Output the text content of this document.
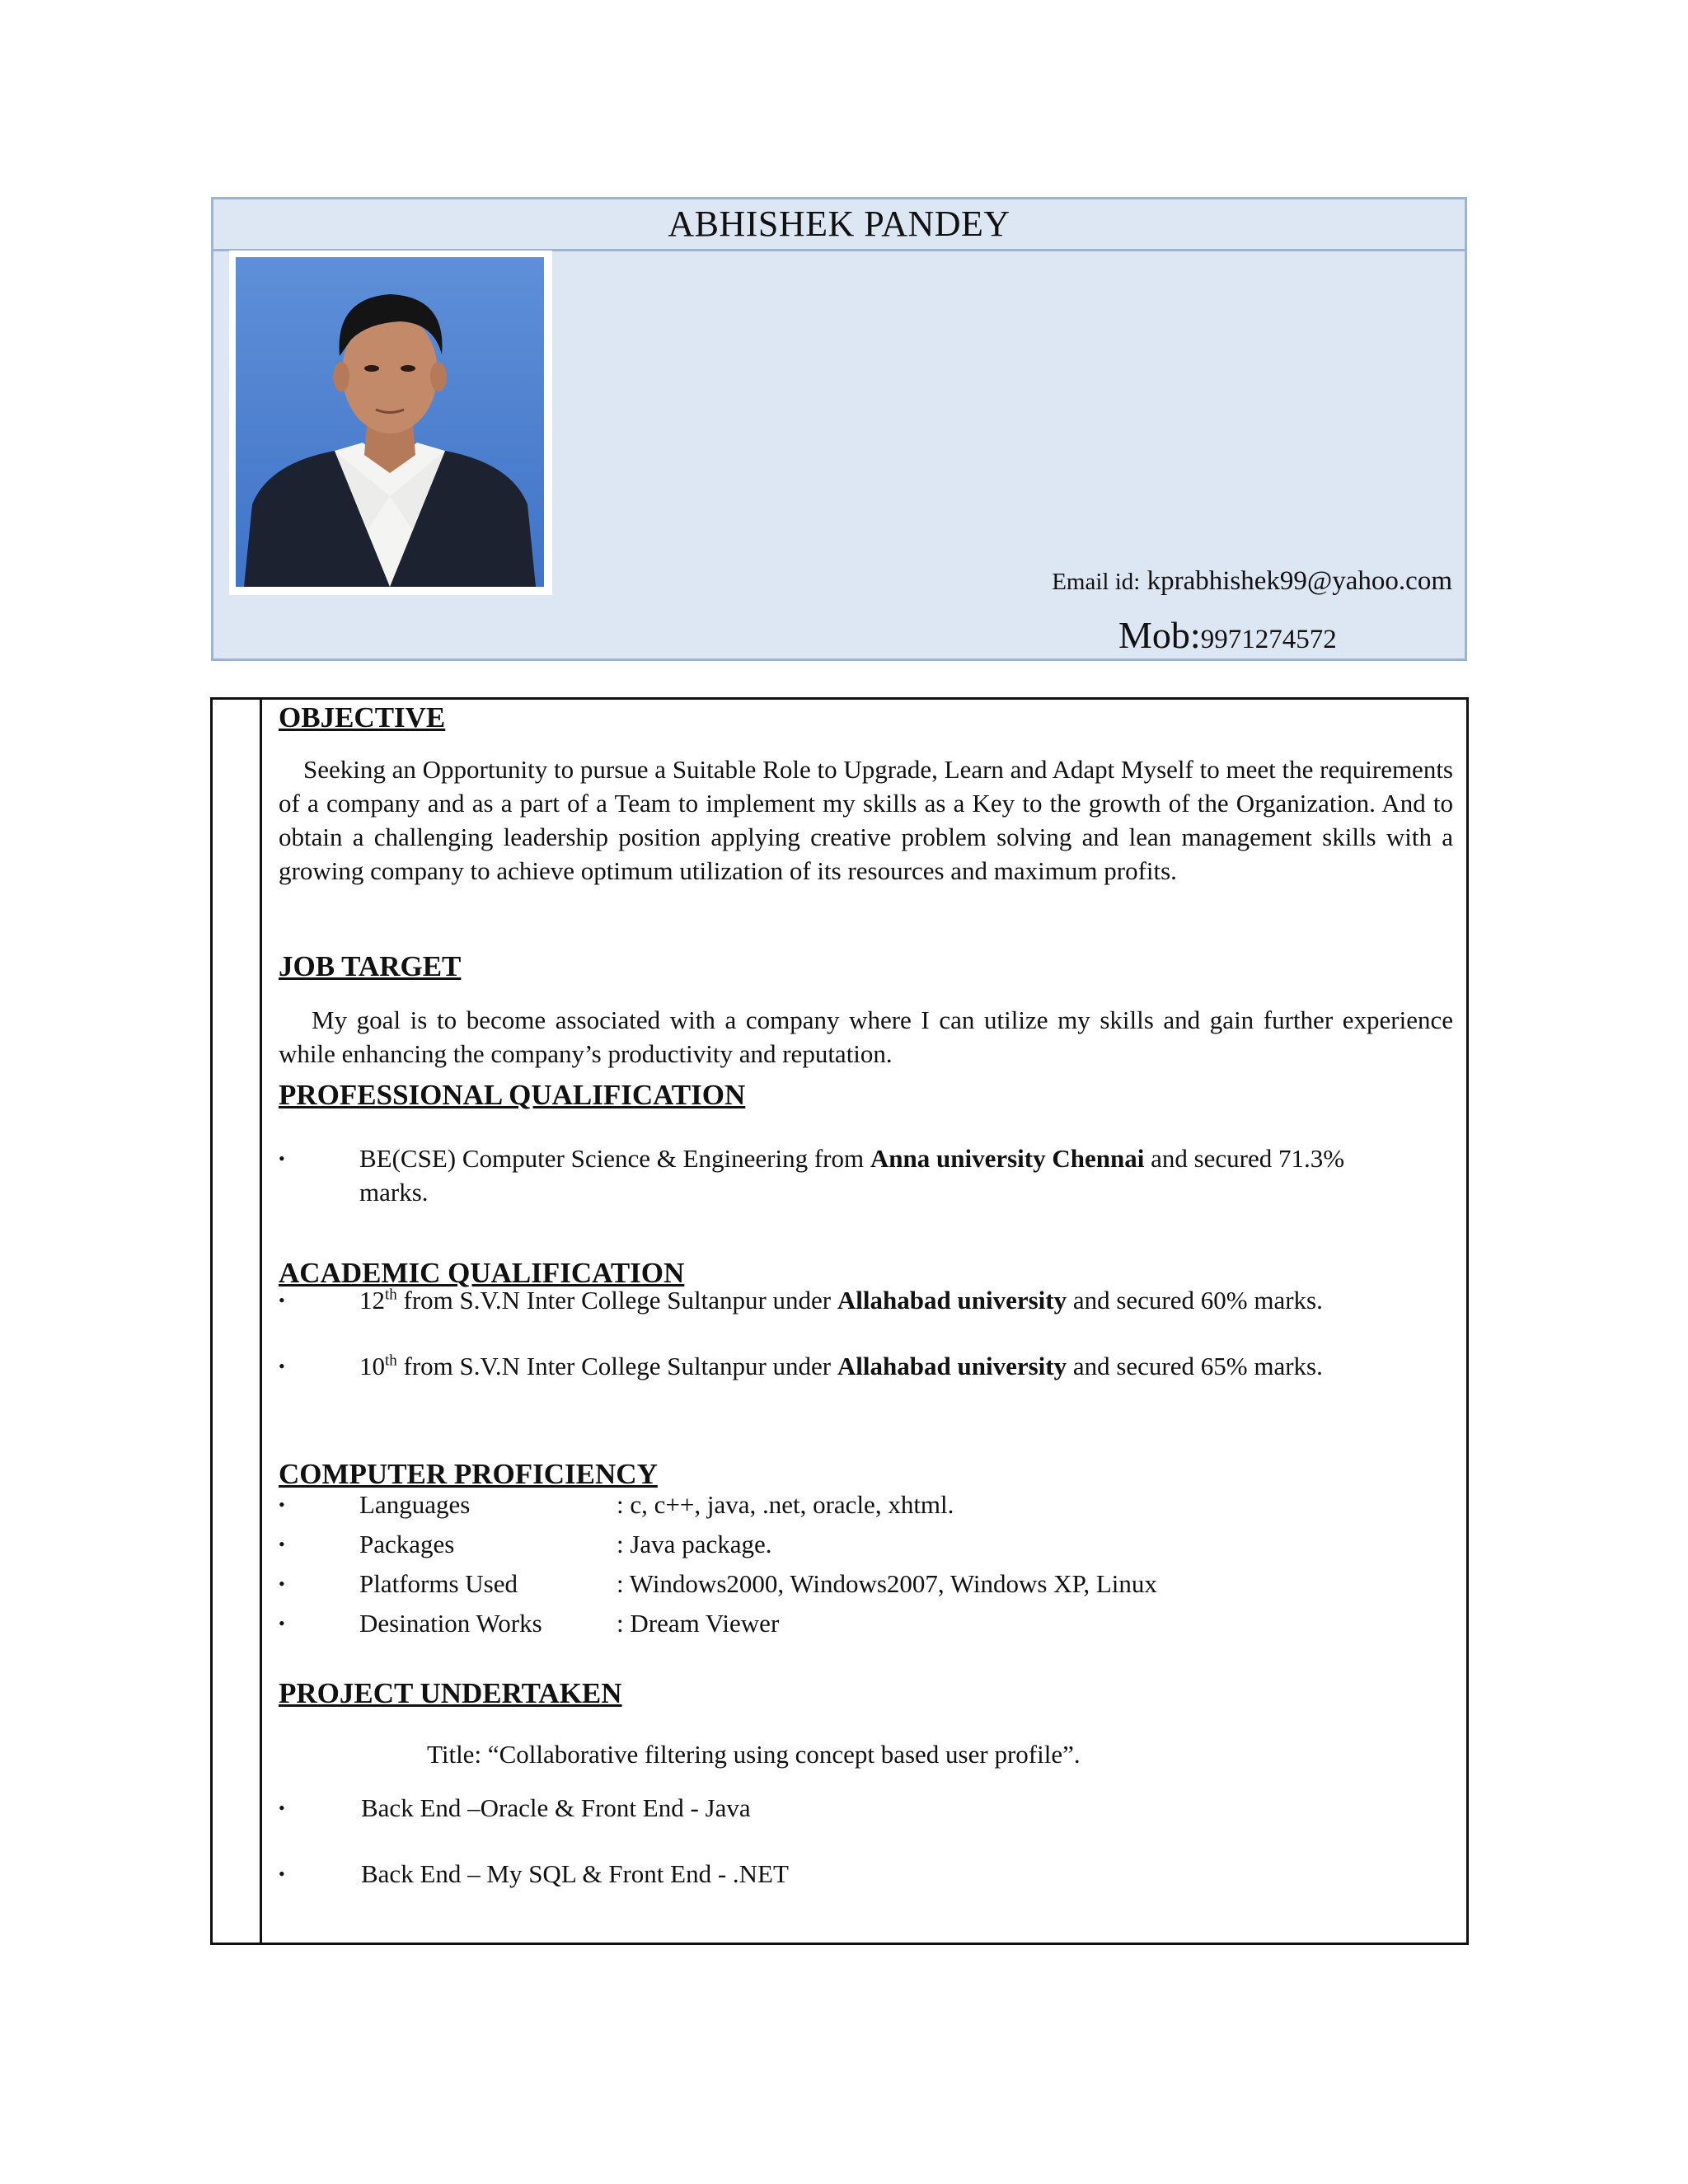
ABHISHEK PANDEY
Email id: kprabhishek99@yahoo.com
Mob:9971274572
OBJECTIVE
Seeking an Opportunity to pursue a Suitable Role to Upgrade, Learn and Adapt Myself to meet the requirements of a company and as a part of a Team to implement my skills as a Key to the growth of the Organization. And to obtain a challenging leadership position applying creative problem solving and lean management skills with a growing company to achieve optimum utilization of its resources and maximum profits.
JOB TARGET
My goal is to become associated with a company where I can utilize my skills and gain further experience while enhancing the company’s productivity and reputation.
PROFESSIONAL QUALIFICATION
•	BE(CSE) Computer Science & Engineering from Anna university Chennai and secured 71.3% marks.
ACADEMIC QUALIFICATION
•	12th from S.V.N Inter College Sultanpur under Allahabad university and secured 60% marks.
•	10th from S.V.N Inter College Sultanpur under Allahabad university and secured 65% marks.
COMPUTER PROFICIENCY
•	Languages	: c, c++, java, .net, oracle, xhtml.
•	Packages	: Java package.
•	Platforms Used	: Windows2000, Windows2007, Windows XP, Linux
•	Desination Works	: Dream Viewer
PROJECT UNDERTAKEN
Title: “Collaborative filtering using concept based user profile”.
•	Back End –Oracle & Front End - Java
•	Back End – My SQL & Front End - .NET
